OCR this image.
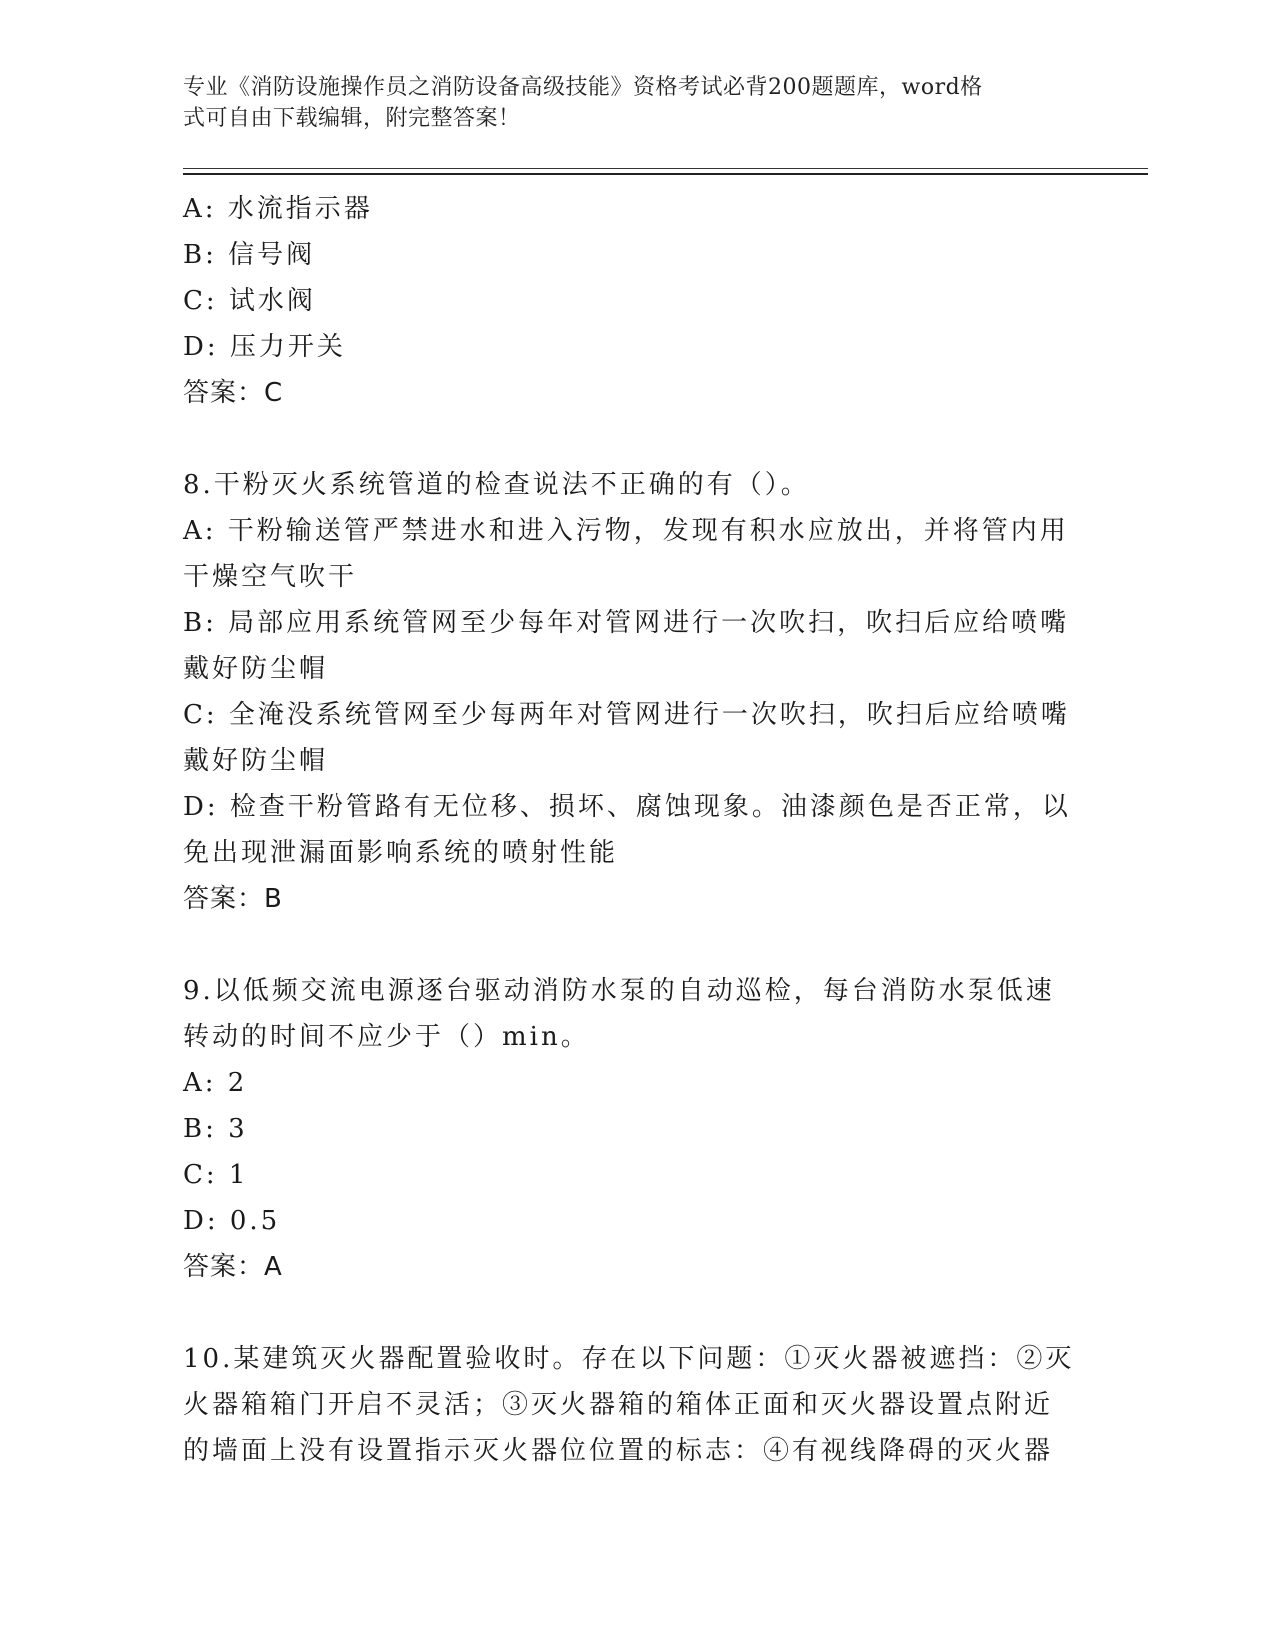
专业《消防设施操作员之消防设备高级技能》资格考试必背200题题库，word格
式可自由下载编辑，附完整答案！
A: 水流指示器
B: 信号阀
C: 试水阀
D: 压力开关
答案：C
8.干粉灭火系统管道的检查说法不正确的有（）。
A: 干粉输送管严禁进水和进入污物，发现有积水应放出，并将管内用
干燥空气吹干
B: 局部应用系统管网至少每年对管网进行一次吹扫，吹扫后应给喷嘴
戴好防尘帽
C: 全淹没系统管网至少每两年对管网进行一次吹扫，吹扫后应给喷嘴
戴好防尘帽
D: 检查干粉管路有无位移、损坏、腐蚀现象。油漆颜色是否正常，以
免出现泄漏面影响系统的喷射性能
答案：B
9.以低频交流电源逐台驱动消防水泵的自动巡检，每台消防水泵低速
转动的时间不应少于（）min。
A: 2
B: 3
C: 1
D: 0.5
答案：A
10.某建筑灭火器配置验收时。存在以下问题：①灭火器被遮挡：②灭
火器箱箱门开启不灵活；③灭火器箱的箱体正面和灭火器设置点附近
的墙面上没有设置指示灭火器位位置的标志：④有视线降碍的灭火器
